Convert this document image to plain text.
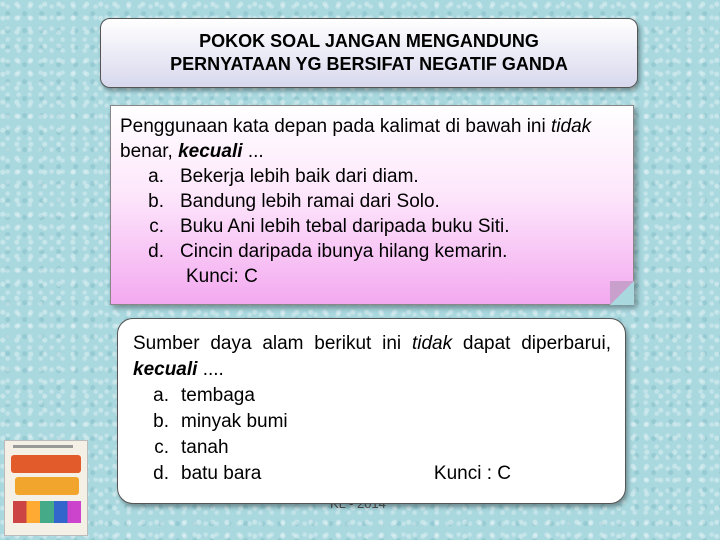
POKOK SOAL JANGAN MENGANDUNG
PERNYATAAN YG BERSIFAT NEGATIF GANDA
Penggunaan kata depan pada kalimat di bawah ini tidak benar, kecuali ...
a. Bekerja lebih baik dari diam.
b. Bandung lebih ramai dari Solo.
c. Buku Ani lebih tebal daripada buku Siti.
d. Cincin daripada ibunya hilang kemarin.
Kunci: C
Sumber daya alam berikut ini tidak dapat diperbarui, kecuali ....
a. tembaga
b. minyak bumi
c. tanah
d. batu bara	Kunci : C
